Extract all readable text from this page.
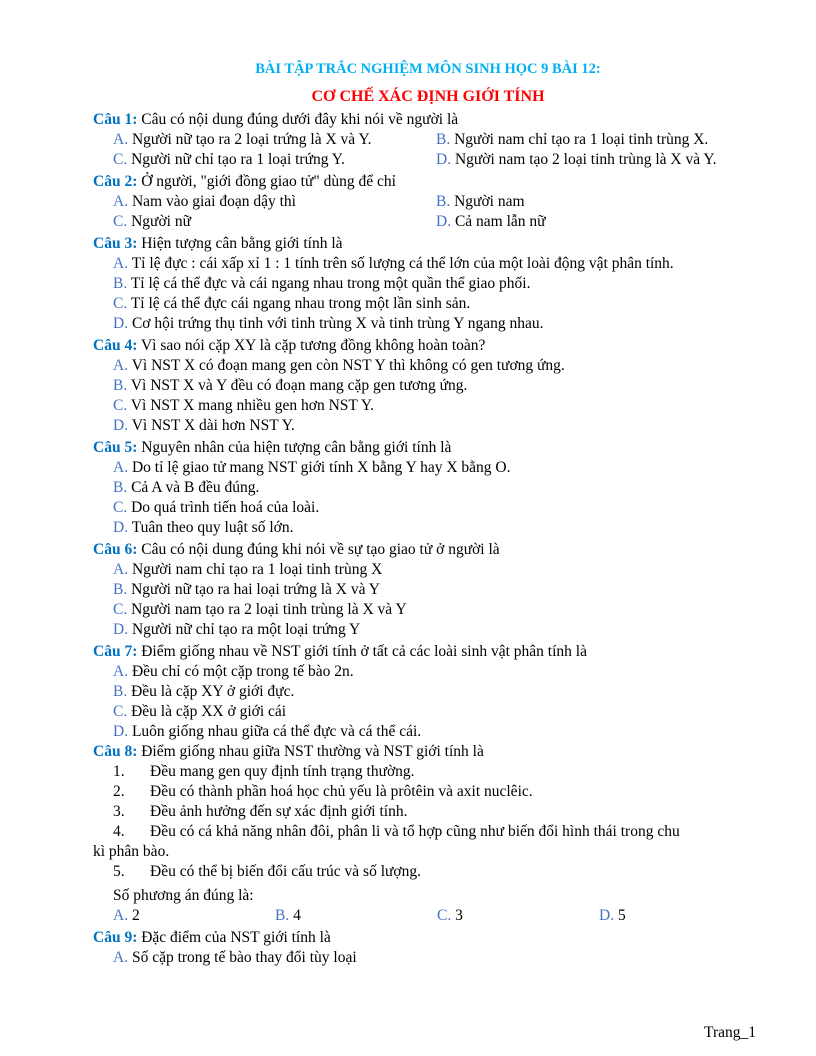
BÀI TẬP TRẮC NGHIỆM MÔN SINH HỌC 9 BÀI 12:
CƠ CHẾ XÁC ĐỊNH GIỚI TÍNH
Câu 1: Câu có nội dung đúng dưới đây khi nói về người là
A. Người nữ tạo ra 2 loại trứng là X và Y.	B. Người nam chỉ tạo ra 1 loại tinh trùng X.
C. Người nữ chỉ tạo ra 1 loại trứng Y.	D. Người nam tạo 2 loại tinh trùng là X và Y.
Câu 2: Ở người, "giới đồng giao tử" dùng để chỉ
A. Nam vào giai đoạn dậy thì	B. Người nam
C. Người nữ	D. Cả nam lẫn nữ
Câu 3: Hiện tượng cân bằng giới tính là
A. Tỉ lệ đực : cái xấp xỉ 1 : 1 tính trên số lượng cá thể lớn của một loài động vật phân tính.
B. Tỉ lệ cá thể đực và cái ngang nhau trong một quần thể giao phối.
C. Tỉ lệ cá thể đực cái ngang nhau trong một lần sinh sản.
D. Cơ hội trứng thụ tinh với tinh trùng X và tinh trùng Y ngang nhau.
Câu 4: Vì sao nói cặp XY là cặp tương đồng không hoàn toàn?
A. Vì NST X có đoạn mang gen còn NST Y thì không có gen tương ứng.
B. Vì NST X và Y đều có đoạn mang cặp gen tương ứng.
C. Vì NST X mang nhiều gen hơn NST Y.
D. Vì NST X dài hơn NST Y.
Câu 5: Nguyên nhân của hiện tượng cân bằng giới tính là
A. Do tỉ lệ giao tử mang NST giới tính X bằng Y hay X bằng O.
B. Cả A và B đều đúng.
C. Do quá trình tiến hoá của loài.
D. Tuân theo quy luật số lớn.
Câu 6: Câu có nội dung đúng khi nói về sự tạo giao tử ở người là
A. Người nam chỉ tạo ra 1 loại tinh trùng X
B. Người nữ tạo ra hai loại trứng là X và Y
C. Người nam tạo ra 2 loại tinh trùng là X và Y
D. Người nữ chỉ tạo ra một loại trứng Y
Câu 7: Điểm giống nhau về NST giới tính ở tất cả các loài sinh vật phân tính là
A. Đều chỉ có một cặp trong tế bào 2n.
B. Đều là cặp XY ở giới đực.
C. Đều là cặp XX ở giới cái
D. Luôn giống nhau giữa cá thể đực và cá thể cái.
Câu 8: Điểm giống nhau giữa NST thường và NST giới tính là
1. Đều mang gen quy định tính trạng thường.
2. Đều có thành phần hoá học chủ yếu là prôtêin và axit nuclêic.
3. Đều ảnh hưởng đến sự xác định giới tính.
4. Đều có cá khả năng nhân đôi, phân li và tổ hợp cũng như biến đổi hình thái trong chu
kì phân bào.
5. Đều có thể bị biến đổi cấu trúc và số lượng.
Số phương án đúng là:
A. 2	B. 4	C. 3	D. 5
Câu 9: Đặc điểm của NST giới tính là
A. Số cặp trong tế bào thay đổi tùy loại
Trang_1
